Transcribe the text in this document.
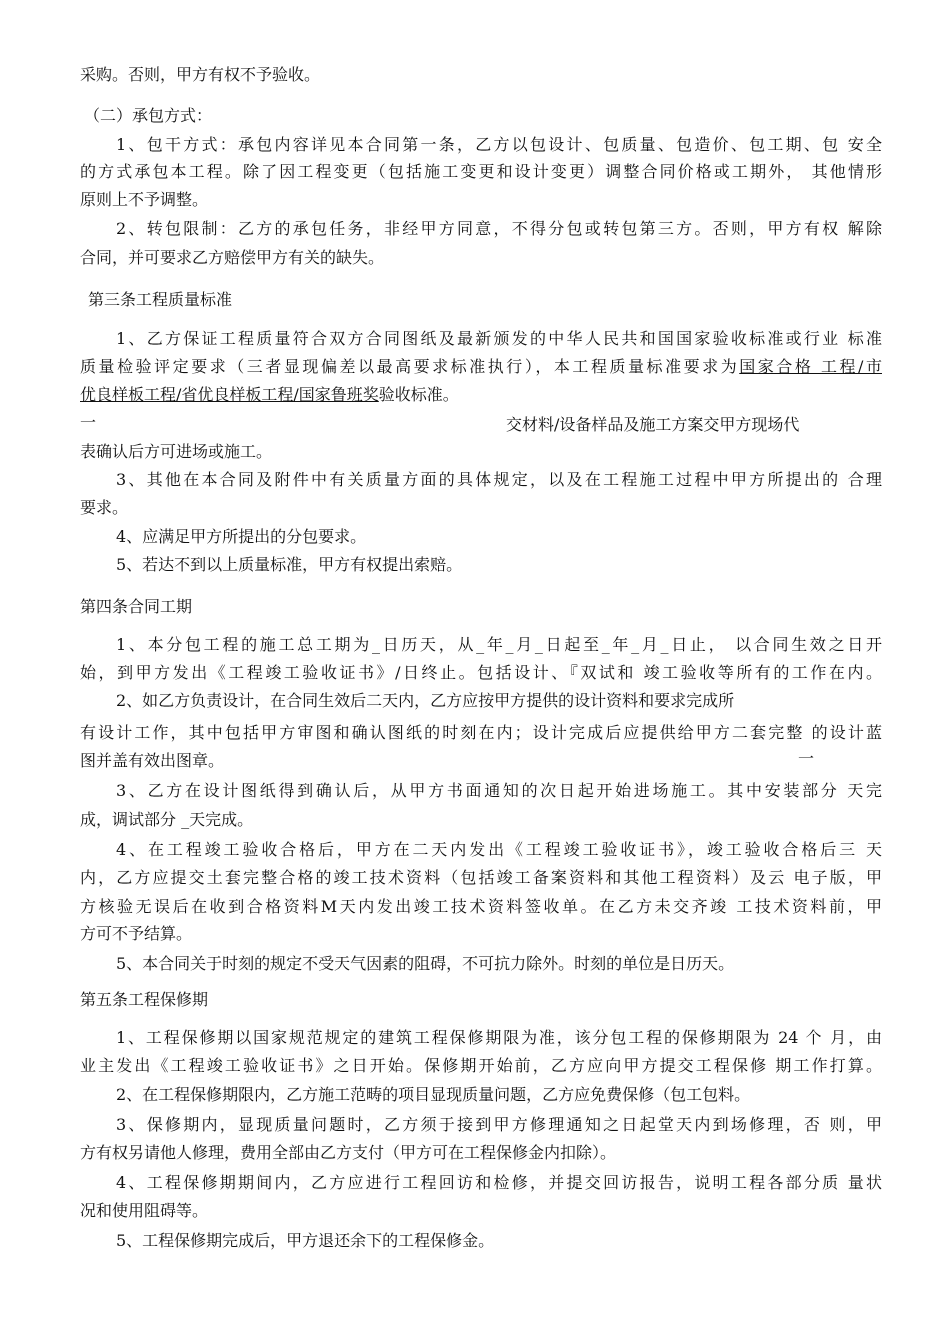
采购。否则，甲方有权不予验收。
（二）承包方式：
1、包干方式：承包内容详见本合同第一条，乙方以包设计、包质量、包造价、包工期、包 安全
的方式承包本工程。除了因工程变更（包括施工变更和设计变更）调整合同价格或工期外， 其他情形
原则上不予调整。
2、转包限制：乙方的承包任务，非经甲方同意，不得分包或转包第三方。否则，甲方有权 解除
合同，并可要求乙方赔偿甲方有关的缺失。
第三条工程质量标准
1、乙方保证工程质量符合双方合同图纸及最新颁发的中华人民共和国国家验收标准或行业 标准
质量检验评定要求（三者显现偏差以最高要求标准执行），本工程质量标准要求为国家合格 工程/市
优良样板工程/省优良样板工程/国家鲁班奖验收标准。
一	交材料/设备样品及施工方案交甲方现场代
表确认后方可进场或施工。
3、其他在本合同及附件中有关质量方面的具体规定，以及在工程施工过程中甲方所提出的 合理
要求。
4、应满足甲方所提出的分包要求。
5、若达不到以上质量标准，甲方有权提出索赔。
第四条合同工期
1、本分包工程的施工总工期为_日历天，从_年_月_日起至_年_月_日止， 以合同生效之日开
始，到甲方发出《工程竣工验收证书》/日终止。包括设计、『双试和 竣工验收等所有的工作在内。
2、如乙方负责设计，在合同生效后二天内，乙方应按甲方提供的设计资料和要求完成所
有设计工作，其中包括甲方审图和确认图纸的时刻在内；设计完成后应提供给甲方二套完整 的设计蓝
图并盖有效出图章。	一
3、乙方在设计图纸得到确认后，从甲方书面通知的次日起开始进场施工。其中安装部分 天完
成，调试部分 _天完成。
4、在工程竣工验收合格后，甲方在二天内发出《工程竣工验收证书》，竣工验收合格后三 天
内，乙方应提交土套完整合格的竣工技术资料（包括竣工备案资料和其他工程资料）及云 电子版，甲
方核验无误后在收到合格资料M天内发出竣工技术资料签收单。在乙方未交齐竣 工技术资料前，甲
方可不予结算。
5、本合同关于时刻的规定不受天气因素的阻碍，不可抗力除外。时刻的单位是日历天。
第五条工程保修期
1、工程保修期以国家规范规定的建筑工程保修期限为准，该分包工程的保修期限为 24 个 月，由
业主发出《工程竣工验收证书》之日开始。保修期开始前，乙方应向甲方提交工程保修 期工作打算。
2、在工程保修期限内，乙方施工范畴的项目显现质量问题，乙方应免费保修（包工包料。
3、保修期内，显现质量问题时，乙方须于接到甲方修理通知之日起堂天内到场修理，否 则，甲
方有权另请他人修理，费用全部由乙方支付（甲方可在工程保修金内扣除）。
4、工程保修期期间内，乙方应进行工程回访和检修，并提交回访报告，说明工程各部分质 量状
况和使用阻碍等。
5、工程保修期完成后，甲方退还余下的工程保修金。
